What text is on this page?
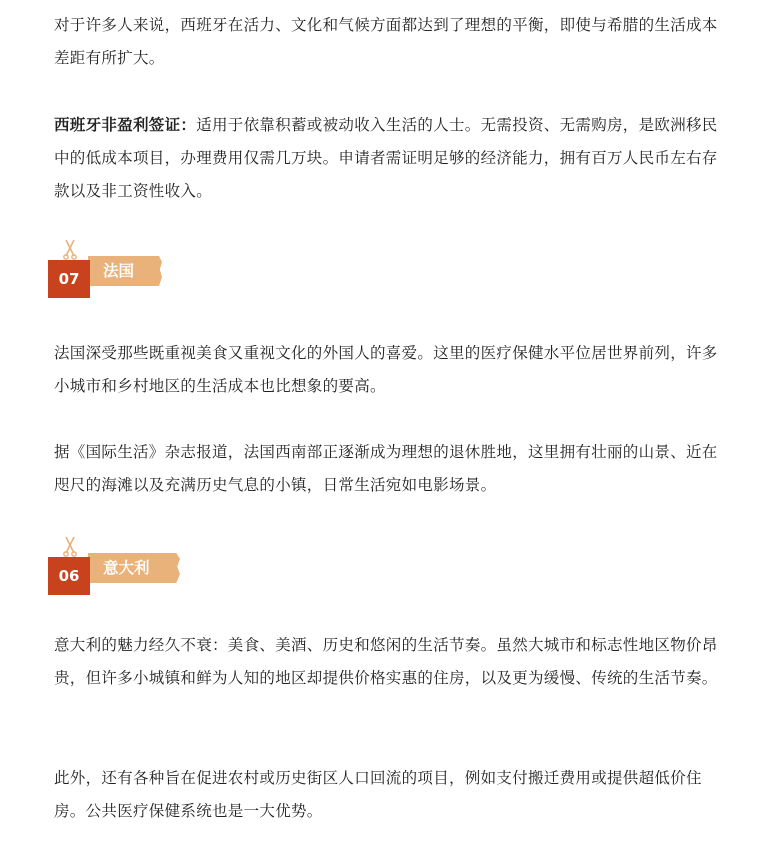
对于许多人来说，西班牙在活力、文化和气候方面都达到了理想的平衡，即使与希腊的生活成本差距有所扩大。

西班牙非盈利签证：适用于依靠积蓄或被动收入生活的人士。无需投资、无需购房，是欧洲移民中的低成本项目，办理费用仅需几万块。申请者需证明足够的经济能力，拥有百万人民币左右存款以及非工资性收入。

07	法国

法国深受那些既重视美食又重视文化的外国人的喜爱。这里的医疗保健水平位居世界前列，许多小城市和乡村地区的生活成本也比想象的要高。

据《国际生活》杂志报道，法国西南部正逐渐成为理想的退休胜地，这里拥有壮丽的山景、近在咫尺的海滩以及充满历史气息的小镇，日常生活宛如电影场景。

06	意大利

意大利的魅力经久不衰：美食、美酒、历史和悠闲的生活节奏。虽然大城市和标志性地区物价昂贵，但许多小城镇和鲜为人知的地区却提供价格实惠的住房，以及更为缓慢、传统的生活节奏。

此外，还有各种旨在促进农村或历史街区人口回流的项目，例如支付搬迁费用或提供超低价住房。公共医疗保健系统也是一大优势。
